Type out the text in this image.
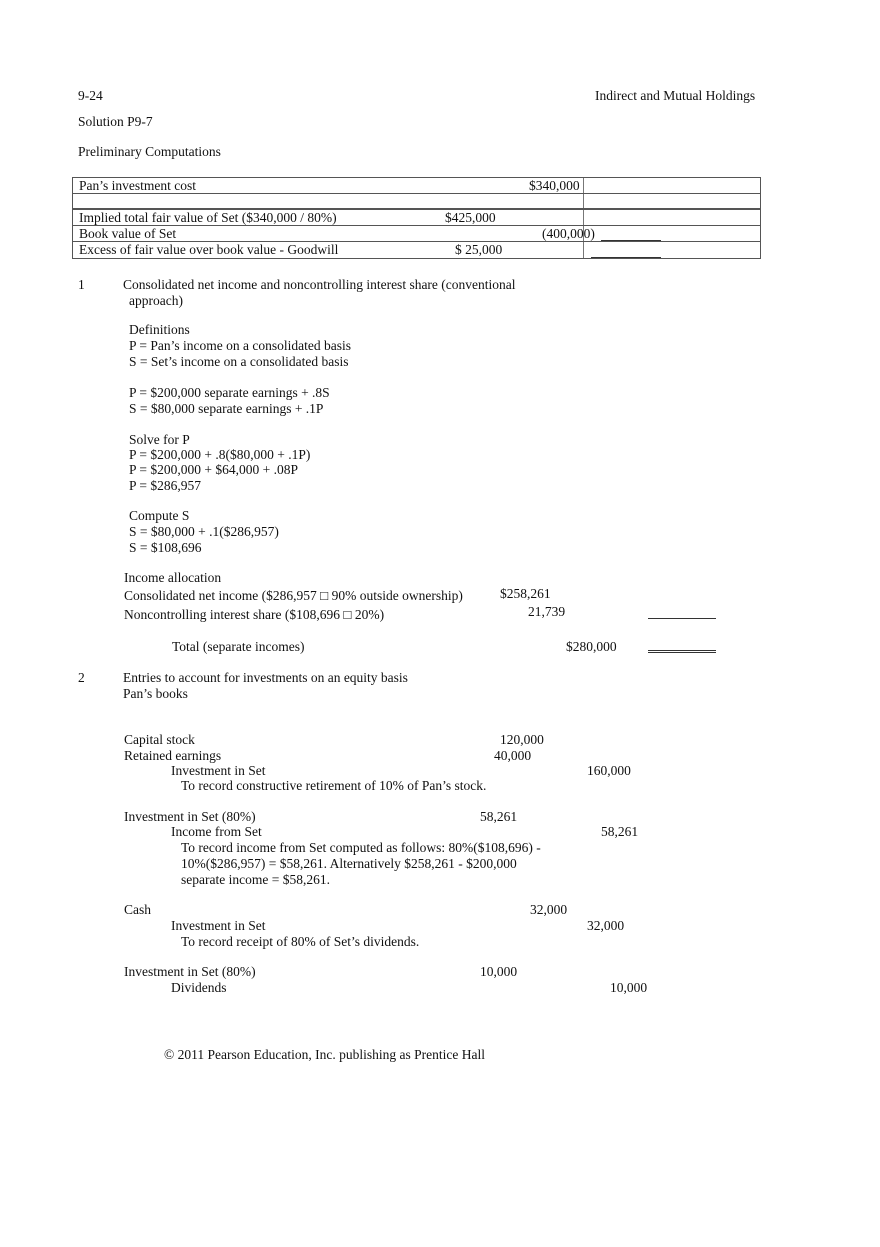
9-24	Indirect and Mutual Holdings
Solution P9-7
Preliminary Computations
Pan’s investment cost	$340,000
Implied total fair value of Set ($340,000 / 80%)	$425,000
Book value of Set	(400,000)
Excess of fair value over book value - Goodwill	$ 25,000
1	Consolidated net income and noncontrolling interest share (conventional
approach)
Definitions
P = Pan’s income on a consolidated basis
S = Set’s income on a consolidated basis
P = $200,000 separate earnings + .8S
S = $80,000 separate earnings + .1P
Solve for P
P = $200,000 + .8($80,000 + .1P)
P = $200,000 + $64,000 + .08P
P = $286,957
Compute S
S = $80,000 + .1($286,957)
S = $108,696
Income allocation
Consolidated net income ($286,957 □ 90% outside ownership)	$258,261
Noncontrolling interest share ($108,696 □ 20%)	21,739
Total (separate incomes)	$280,000
2	Entries to account for investments on an equity basis
Pan’s books
Capital stock	120,000
Retained earnings	40,000
Investment in Set	160,000
To record constructive retirement of 10% of Pan’s stock.
Investment in Set (80%)	58,261
Income from Set	58,261
To record income from Set computed as follows: 80%($108,696) -
10%($286,957) = $58,261. Alternatively $258,261 - $200,000
separate income = $58,261.
Cash	32,000
Investment in Set	32,000
To record receipt of 80% of Set’s dividends.
Investment in Set (80%)	10,000
Dividends	10,000
© 2011 Pearson Education, Inc. publishing as Prentice Hall
